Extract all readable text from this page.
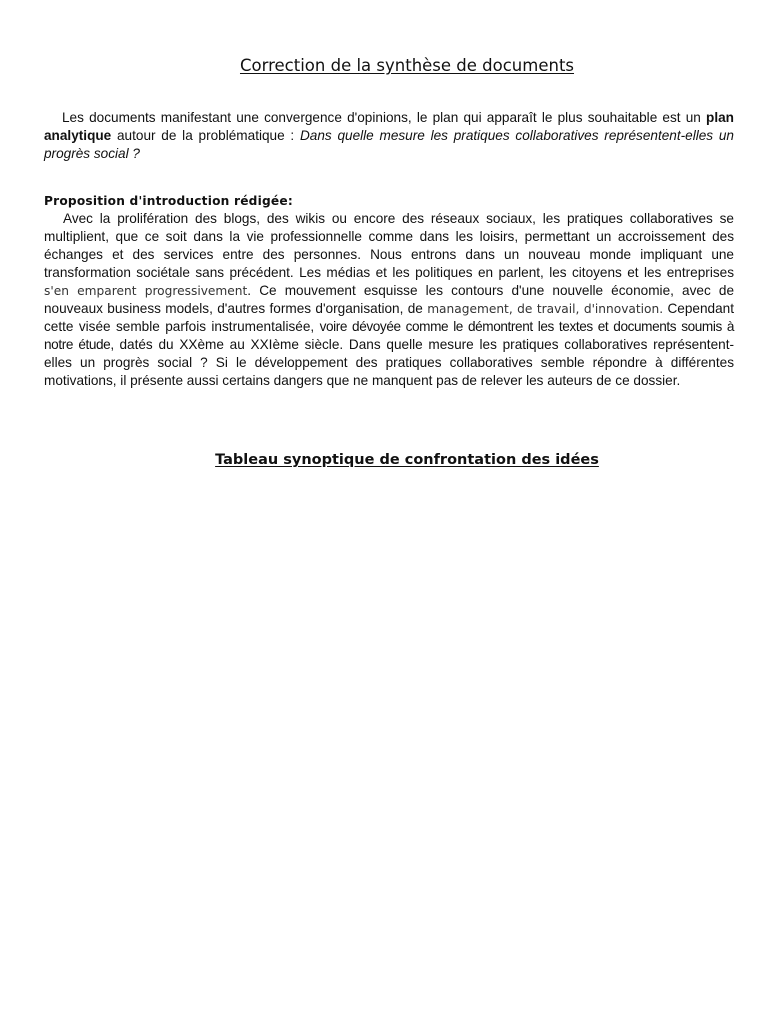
Correction de la synthèse de documents

Les documents manifestant une convergence d'opinions, le plan qui apparaît le plus souhaitable est un plan analytique autour de la problématique : Dans quelle mesure les pratiques collaboratives représentent-elles un progrès social ?

Proposition d'introduction rédigée:

Avec la prolifération des blogs, des wikis ou encore des réseaux sociaux, les pratiques collaboratives se multiplient, que ce soit dans la vie professionnelle comme dans les loisirs, permettant un accroissement des échanges et des services entre des personnes. Nous entrons dans un nouveau monde impliquant une transformation sociétale sans précédent. Les médias et les politiques en parlent, les citoyens et les entreprises s'en emparent progressivement. Ce mouvement esquisse les contours d'une nouvelle économie, avec de nouveaux business models, d'autres formes d'organisation, de management, de travail, d'innovation. Cependant cette visée semble parfois instrumentalisée, voire dévoyée comme le démontrent les textes et documents soumis à notre étude, datés du XXème au XXIème siècle. Dans quelle mesure les pratiques collaboratives représentent-elles un progrès social ? Si le développement des pratiques collaboratives semble répondre à différentes motivations, il présente aussi certains dangers que ne manquent pas de relever les auteurs de ce dossier.

Tableau synoptique de confrontation des idées
